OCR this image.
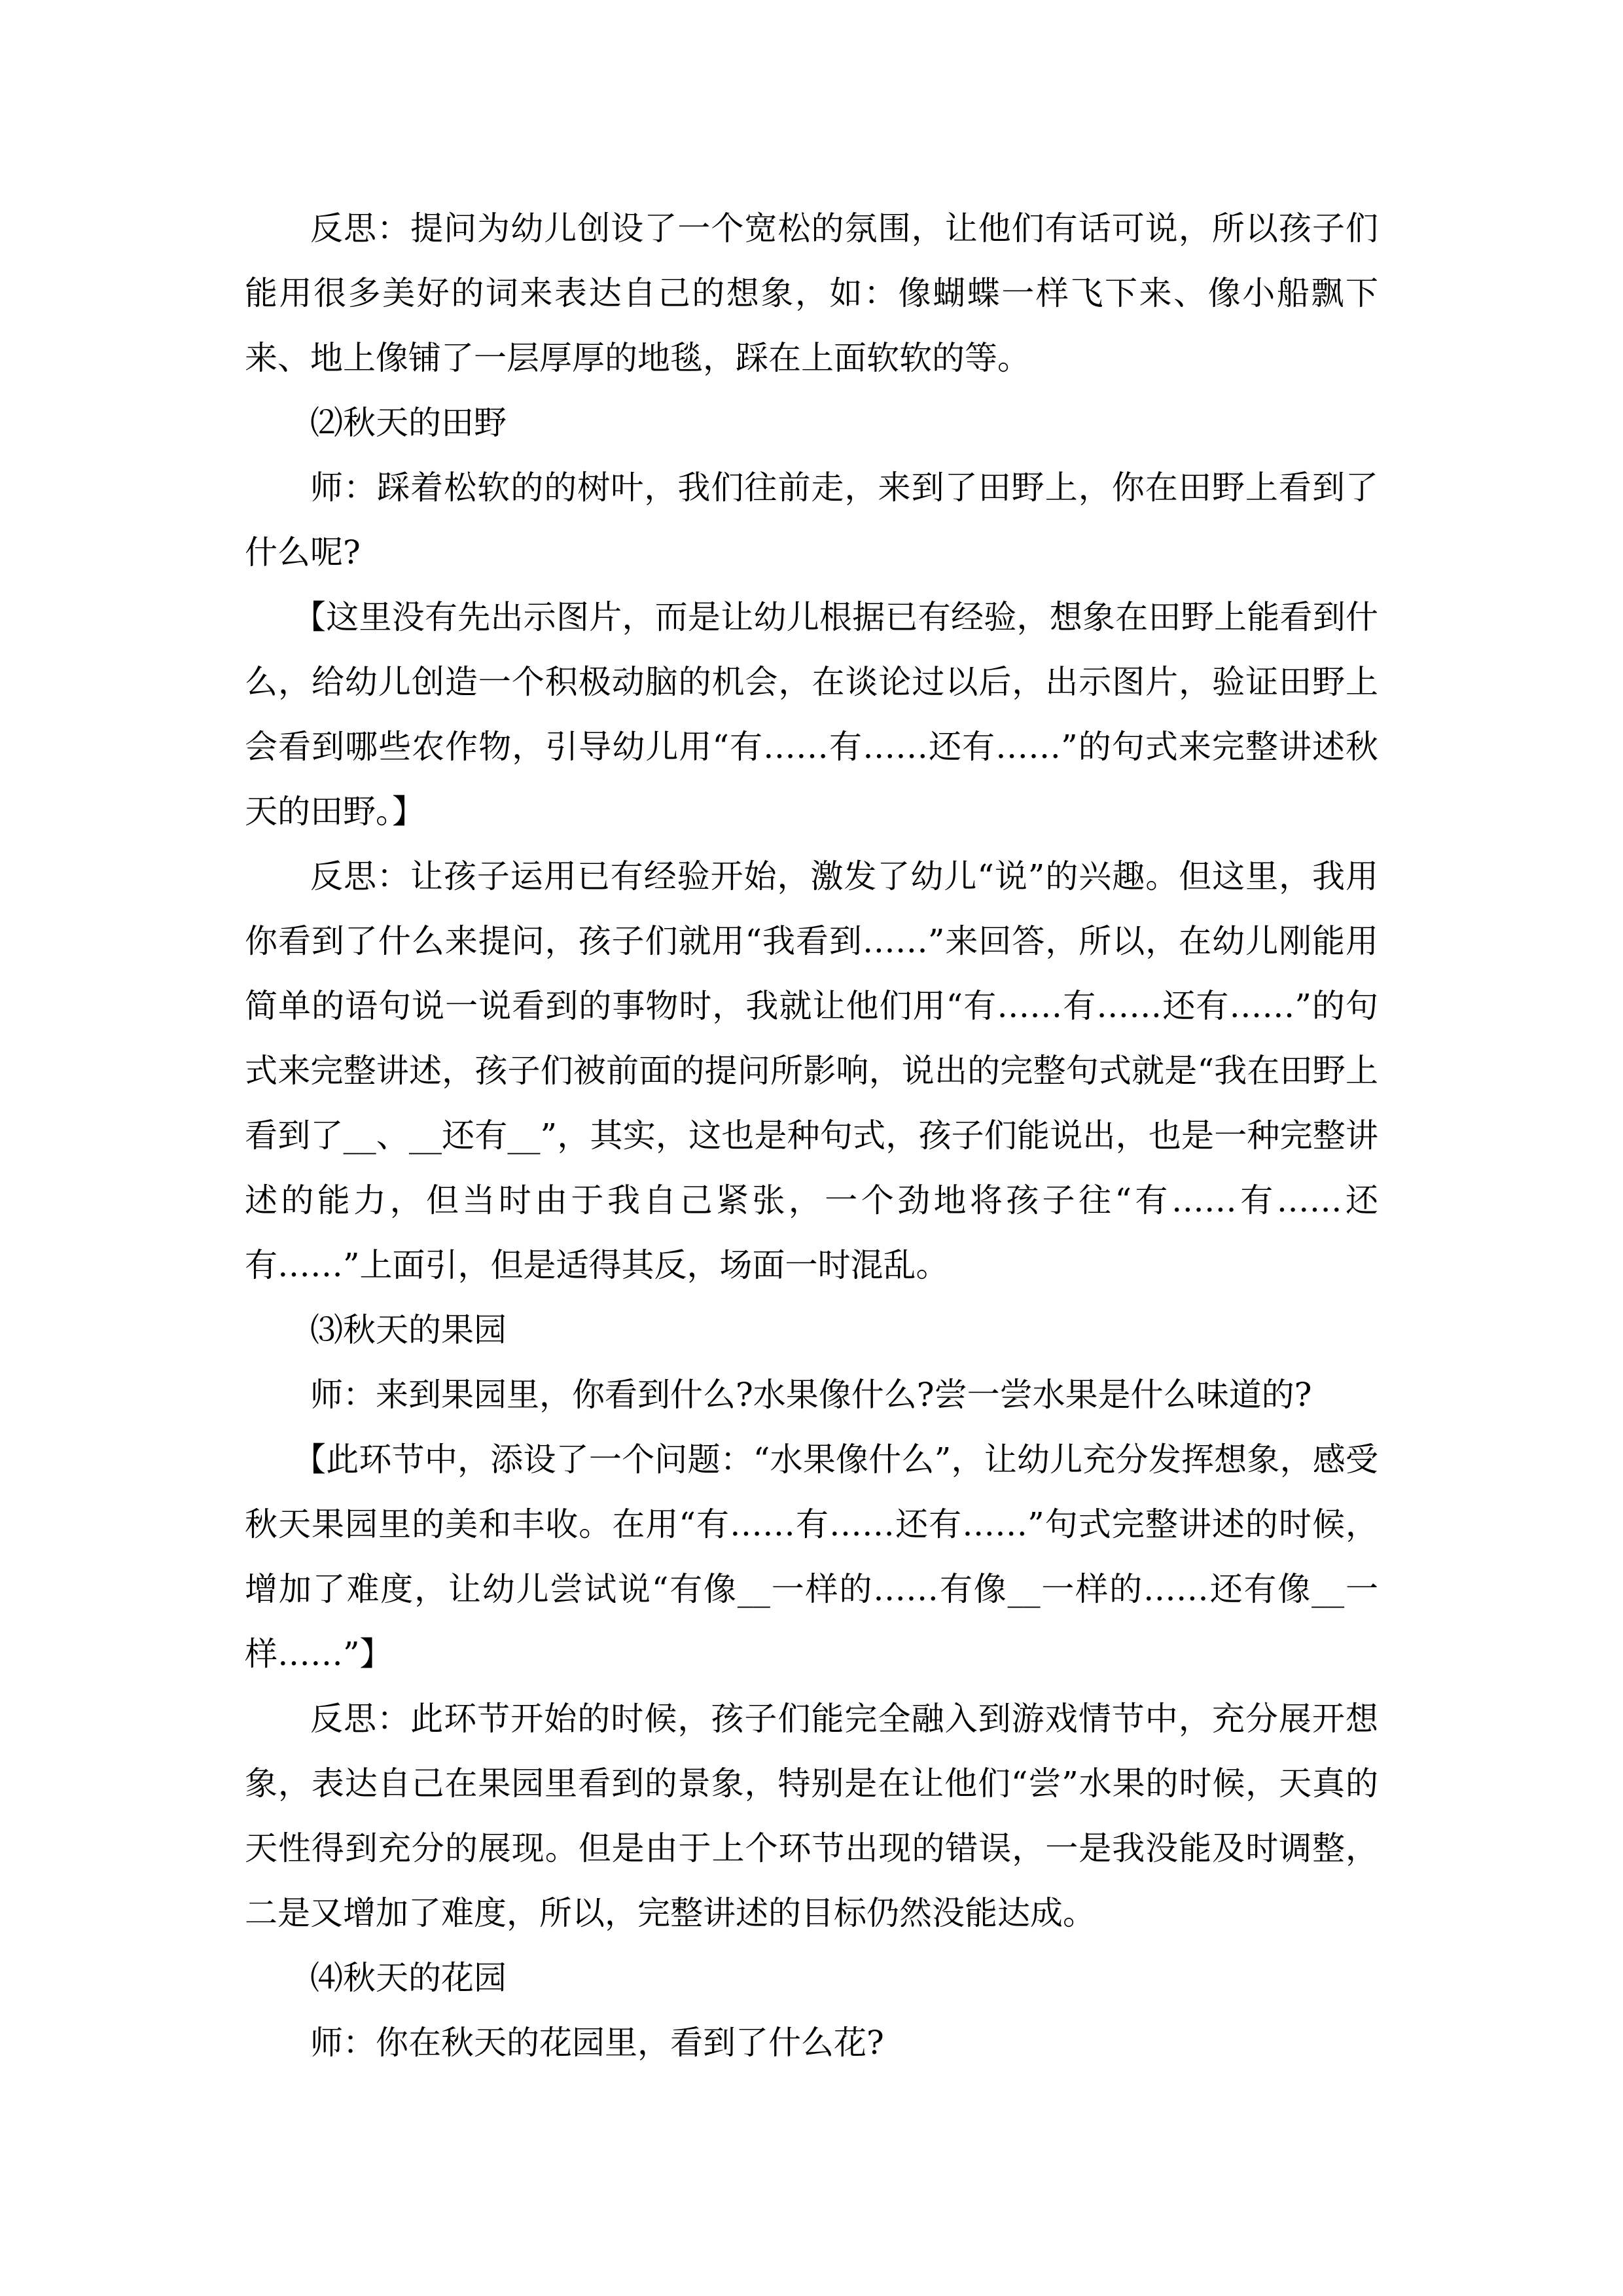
反思：提问为幼儿创设了一个宽松的氛围，让他们有话可说，所以孩子们能用很多美好的词来表达自己的想象，如：像蝴蝶一样飞下来、像小船飘下来、地上像铺了一层厚厚的地毯，踩在上面软软的等。

⑵秋天的田野

师：踩着松软的的树叶，我们往前走，来到了田野上，你在田野上看到了什么呢?

【这里没有先出示图片，而是让幼儿根据已有经验，想象在田野上能看到什么，给幼儿创造一个积极动脑的机会，在谈论过以后，出示图片，验证田野上会看到哪些农作物，引导幼儿用“有……有……还有……”的句式来完整讲述秋天的田野。】

反思：让孩子运用已有经验开始，激发了幼儿“说”的兴趣。但这里，我用你看到了什么来提问，孩子们就用“我看到……”来回答，所以，在幼儿刚能用简单的语句说一说看到的事物时，我就让他们用“有……有……还有……”的句式来完整讲述，孩子们被前面的提问所影响，说出的完整句式就是“我在田野上看到了__、__还有__”，其实，这也是种句式，孩子们能说出，也是一种完整讲述的能力，但当时由于我自己紧张，一个劲地将孩子往“有……有……还有……”上面引，但是适得其反，场面一时混乱。

⑶秋天的果园

师：来到果园里，你看到什么?水果像什么?尝一尝水果是什么味道的?

【此环节中，添设了一个问题：“水果像什么”，让幼儿充分发挥想象，感受秋天果园里的美和丰收。在用“有……有……还有……”句式完整讲述的时候，增加了难度，让幼儿尝试说“有像__一样的……有像__一样的……还有像__一样……”】

反思：此环节开始的时候，孩子们能完全融入到游戏情节中，充分展开想象，表达自己在果园里看到的景象，特别是在让他们“尝”水果的时候，天真的天性得到充分的展现。但是由于上个环节出现的错误，一是我没能及时调整，二是又增加了难度，所以，完整讲述的目标仍然没能达成。

⑷秋天的花园

师：你在秋天的花园里，看到了什么花?
